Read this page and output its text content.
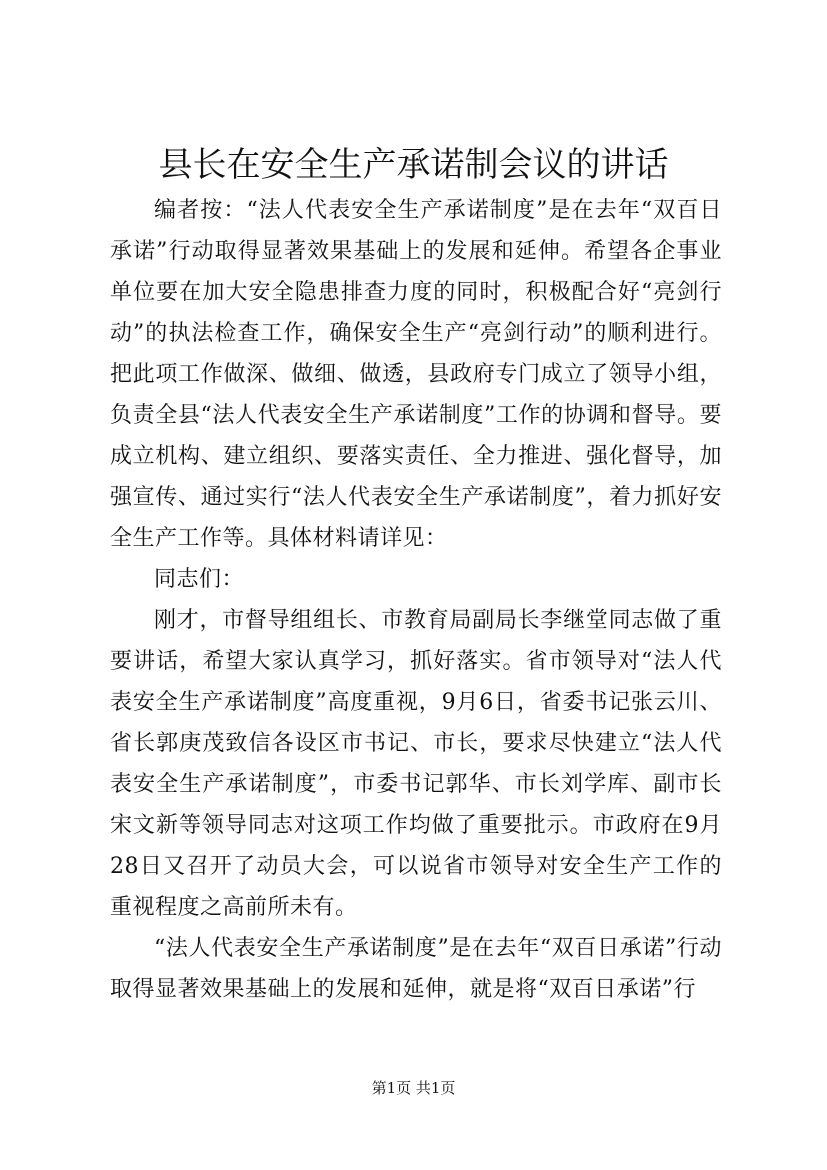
县长在安全生产承诺制会议的讲话

编者按：“法人代表安全生产承诺制度”是在去年“双百日承诺”行动取得显著效果基础上的发展和延伸。希望各企事业单位要在加大安全隐患排查力度的同时，积极配合好“亮剑行动”的执法检查工作，确保安全生产“亮剑行动”的顺利进行。把此项工作做深、做细、做透，县政府专门成立了领导小组，负责全县“法人代表安全生产承诺制度”工作的协调和督导。要成立机构、建立组织、要落实责任、全力推进、强化督导，加强宣传、通过实行“法人代表安全生产承诺制度”，着力抓好安全生产工作等。具体材料请详见：

同志们：

刚才，市督导组组长、市教育局副局长李继堂同志做了重要讲话，希望大家认真学习，抓好落实。省市领导对“法人代表安全生产承诺制度”高度重视，9月6日，省委书记张云川、省长郭庚茂致信各设区市书记、市长，要求尽快建立“法人代表安全生产承诺制度”，市委书记郭华、市长刘学库、副市长宋文新等领导同志对这项工作均做了重要批示。市政府在9月28日又召开了动员大会，可以说省市领导对安全生产工作的重视程度之高前所未有。

“法人代表安全生产承诺制度”是在去年“双百日承诺”行动取得显著效果基础上的发展和延伸，就是将“双百日承诺”行

第1页 共1页
